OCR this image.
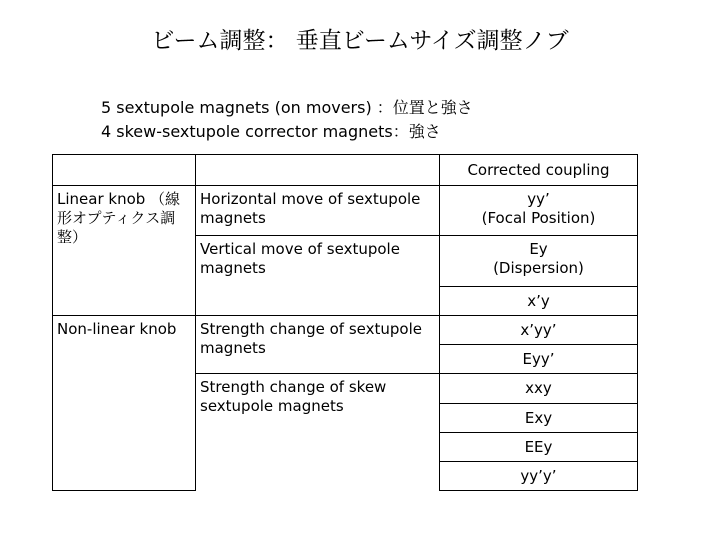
ビーム調整： 垂直ビームサイズ調整ノブ
5 sextupole magnets (on movers) ：位置と強さ
4 skew-sextupole corrector magnets：強さ
		Corrected coupling
Linear knob （線形オプティクス調整）	Horizontal move of sextupole magnets	yy’
(Focal Position)

	Vertical move of sextupole magnets	Ey
(Dispersion)

		x’y
Non-linear knob	Strength change of sextupole magnets	x’yy’
		Eyy’
	Strength change of skew sextupole magnets	xxy
		Exy
		EEy
		yy’y’
